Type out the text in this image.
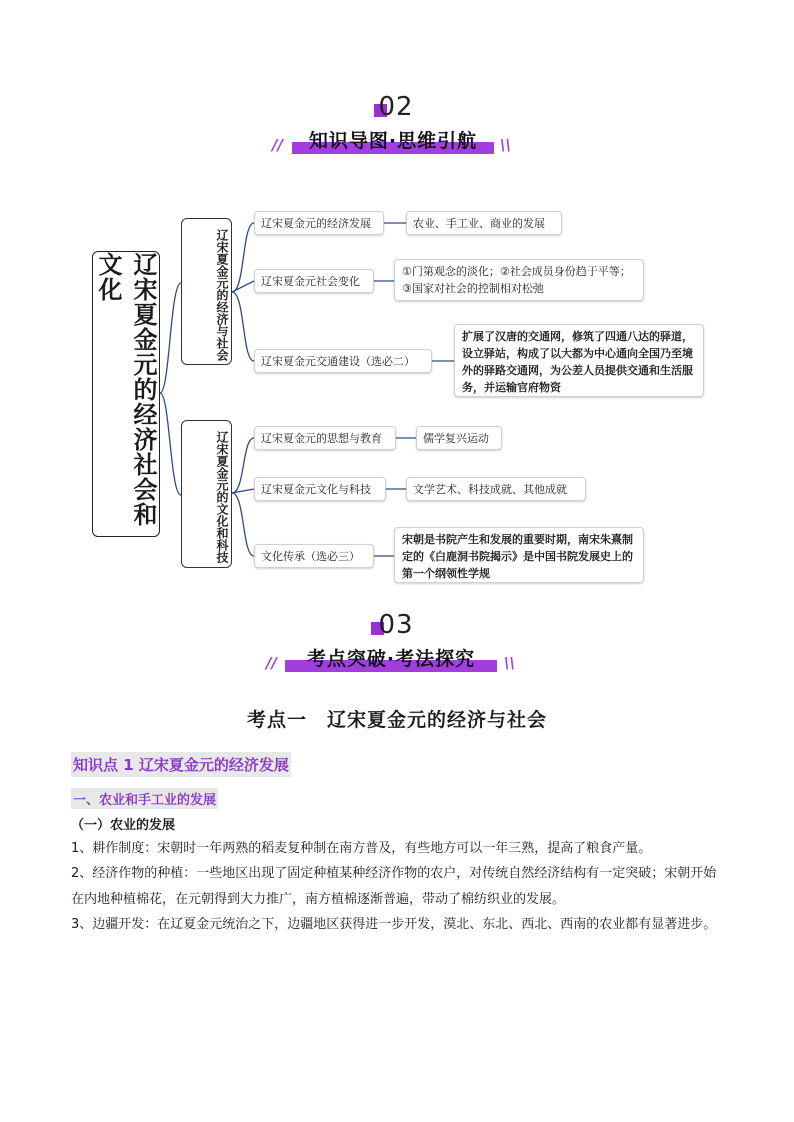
02
//	\\
知识导图·思维引航
辽宋夏金元的经济社会和文化	辽宋夏金元的经济与社会
辽宋夏金元的经济发展	农业、手工业、商业的发展
辽宋夏金元社会变化
①门第观念的淡化；②社会成员身份趋于平等；③国家对社会的控制相对松弛
辽宋夏金元交通建设（选必二）
扩展了汉唐的交通网，修筑了四通八达的驿道，设立驿站，构成了以大都为中心通向全国乃至境外的驿路交通网，为公差人员提供交通和生活服务，并运输官府物资
辽宋夏金元的文化和科技	辽宋夏金元的思想与教育	儒学复兴运动
辽宋夏金元文化与科技	文学艺术、科技成就、其他成就
文化传承（选必三）
宋朝是书院产生和发展的重要时期，南宋朱熹制定的《白鹿洞书院揭示》是中国书院发展史上的第一个纲领性学规
03
//	\\
考点突破·考法探究
考点一　辽宋夏金元的经济与社会
知识点 1 辽宋夏金元的经济发展
一、农业和手工业的发展
（一）农业的发展
1、耕作制度：宋朝时一年两熟的稻麦复种制在南方普及，有些地方可以一年三熟，提高了粮食产量。
2、经济作物的种植：一些地区出现了固定种植某种经济作物的农户，对传统自然经济结构有一定突破；宋朝开始在内地种植棉花，在元朝得到大力推广，南方植棉逐渐普遍，带动了棉纺织业的发展。
3、边疆开发：在辽夏金元统治之下，边疆地区获得进一步开发，漠北、东北、西北、西南的农业都有显著进步。
